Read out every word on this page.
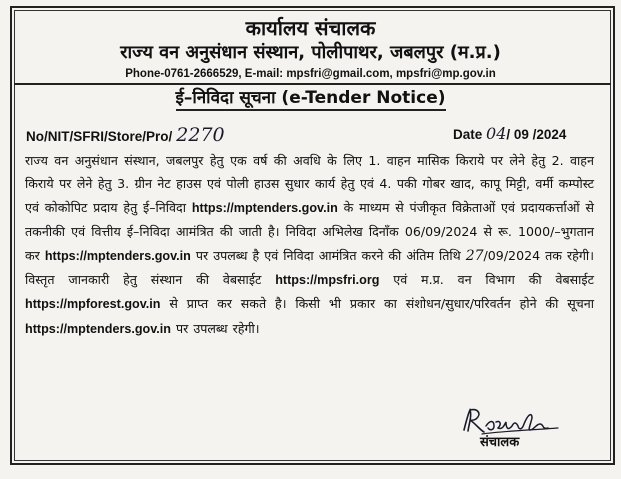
कार्यालय संचालक
राज्य वन अनुसंधान संस्थान, पोलीपाथर, जबलपुर (म.प्र.)
Phone-0761-2666529, E-mail: mpsfri@gmail.com, mpsfri@mp.gov.in
ई–निविदा सूचना (e-Tender Notice)
No/NIT/SFRI/Store/Pro/ 2270	Date 04/ 09 /2024
राज्य वन अनुसंधान संस्थान, जबलपुर हेतु एक वर्ष की अवधि के लिए 1. वाहन मासिक किराये पर लेने हेतु 2. वाहन किराये पर लेने हेतु 3. ग्रीन नेट हाउस एवं पोली हाउस सुधार कार्य हेतु एवं 4. पकी गोबर खाद, कापू मिट्टी, वर्मी कम्पोस्ट एवं कोकोपिट प्रदाय हेतु ई–निविदा https://mptenders.gov.in के माध्यम से पंजीकृत विक्रेताओं एवं प्रदायकर्त्ताओं से तकनीकी एवं वित्तीय ई–निविदा आमंत्रित की जाती है। निविदा अभिलेख दिनाँक 06/09/2024 से रू. 1000/–भुगतान कर https://mptenders.gov.in पर उपलब्ध है एवं निविदा आमंत्रित करने की अंतिम तिथि 27/09/2024 तक रहेगी। विस्तृत जानकारी हेतु संस्थान की वेबसाईट https://mpsfri.org एवं म.प्र. वन विभाग की वेबसाईट https://mpforest.gov.in से प्राप्त कर सकते है। किसी भी प्रकार का संशोधन/सुधार/परिवर्तन होने की सूचना https://mptenders.gov.in पर उपलब्ध रहेगी।
संचालक
